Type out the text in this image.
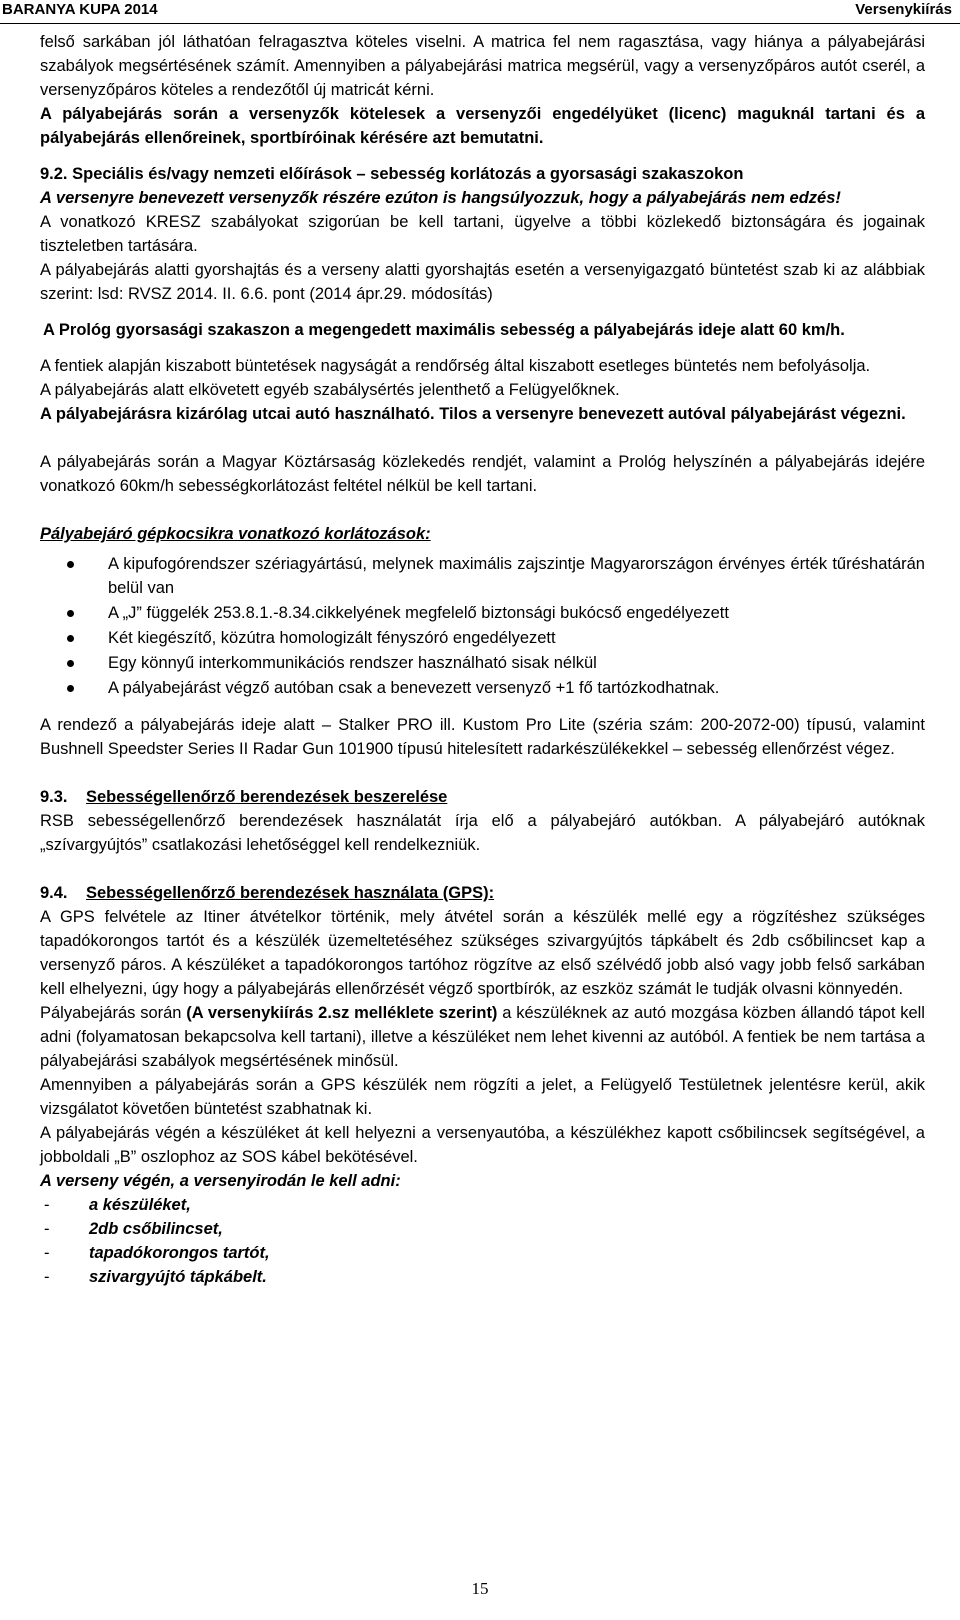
BARANYA KUPA 2014	Versenykiírás

felső sarkában jól láthatóan felragasztva köteles viselni. A matrica fel nem ragasztása, vagy hiánya a pályabejárási szabályok megsértésének számít. Amennyiben a pályabejárási matrica megsérül, vagy a versenyzőpáros autót cserél, a versenyzőpáros köteles a rendezőtől új matricát kérni.

A pályabejárás során a versenyzők kötelesek a versenyzői engedélyüket (licenc) maguknál tartani és a pályabejárás ellenőreinek, sportbíróinak kérésére azt bemutatni.

9.2. Speciális és/vagy nemzeti előírások – sebesség korlátozás a gyorsasági szakaszokon

A versenyre benevezett versenyzők részére ezúton is hangsúlyozzuk, hogy a pályabejárás nem edzés!

A vonatkozó KRESZ szabályokat szigorúan be kell tartani, ügyelve a többi közlekedő biztonságára és jogainak tiszteletben tartására.

A pályabejárás alatti gyorshajtás és a verseny alatti gyorshajtás esetén a versenyigazgató büntetést szab ki az alábbiak szerint: lsd: RVSZ 2014. II. 6.6. pont (2014 ápr.29. módosítás)

A Prológ gyorsasági szakaszon a megengedett maximális sebesség a pályabejárás ideje alatt 60 km/h.

A fentiek alapján kiszabott büntetések nagyságát a rendőrség által kiszabott esetleges büntetés nem befolyásolja.

A pályabejárás alatt elkövetett egyéb szabálysértés jelenthető a Felügyelőknek.

A pályabejárásra kizárólag utcai autó használható. Tilos a versenyre benevezett autóval pályabejárást végezni.

A pályabejárás során a Magyar Köztársaság közlekedés rendjét, valamint a Prológ helyszínén a pályabejárás idejére vonatkozó 60km/h sebességkorlátozást feltétel nélkül be kell tartani.

Pályabejáró gépkocsikra vonatkozó korlátozások:

A kipufogórendszer szériagyártású, melynek maximális zajszintje Magyarországon érvényes érték tűréshatárán belül van
A „J” függelék 253.8.1.-8.34.cikkelyének megfelelő biztonsági bukócső engedélyezett
Két kiegészítő, közútra homologizált fényszóró engedélyezett
Egy könnyű interkommunikációs rendszer használható sisak nélkül
A pályabejárást végző autóban csak a benevezett versenyző +1 fő tartózkodhatnak.

A rendező a pályabejárás ideje alatt – Stalker PRO ill. Kustom Pro Lite (széria szám: 200-2072-00) típusú, valamint Bushnell Speedster Series II Radar Gun 101900 típusú hitelesített radarkészülékekkel – sebesség ellenőrzést végez.

9.3.	Sebességellenőrző berendezések beszerelése

RSB sebességellenőrző berendezések használatát írja elő a pályabejáró autókban. A pályabejáró autóknak „szívargyújtós” csatlakozási lehetőséggel kell rendelkezniük.

9.4.	Sebességellenőrző berendezések használata (GPS):

A GPS felvétele az Itiner átvételkor történik, mely átvétel során a készülék mellé egy a rögzítéshez szükséges tapadókorongos tartót és a készülék üzemeltetéséhez szükséges szivargyújtós tápkábelt és 2db csőbilincset kap a versenyző páros. A készüléket a tapadókorongos tartóhoz rögzítve az első szélvédő jobb alsó vagy jobb felső sarkában kell elhelyezni, úgy hogy a pályabejárás ellenőrzését végző sportbírók, az eszköz számát le tudják olvasni könnyedén.

Pályabejárás során (A versenykiírás 2.sz melléklete szerint) a készüléknek az autó mozgása közben állandó tápot kell adni (folyamatosan bekapcsolva kell tartani), illetve a készüléket nem lehet kivenni az autóból. A fentiek be nem tartása a pályabejárási szabályok megsértésének minősül.

Amennyiben a pályabejárás során a GPS készülék nem rögzíti a jelet, a Felügyelő Testületnek jelentésre kerül, akik vizsgálatot követően büntetést szabhatnak ki.

A pályabejárás végén a készüléket át kell helyezni a versenyautóba, a készülékhez kapott csőbilincsek segítségével, a jobboldali „B” oszlophoz az SOS kábel bekötésével.

A verseny végén, a versenyirodán le kell adni:

-	a készüléket,
-	2db csőbilincset,
-	tapadókorongos tartót,
-	szivargyújtó tápkábelt.
15
